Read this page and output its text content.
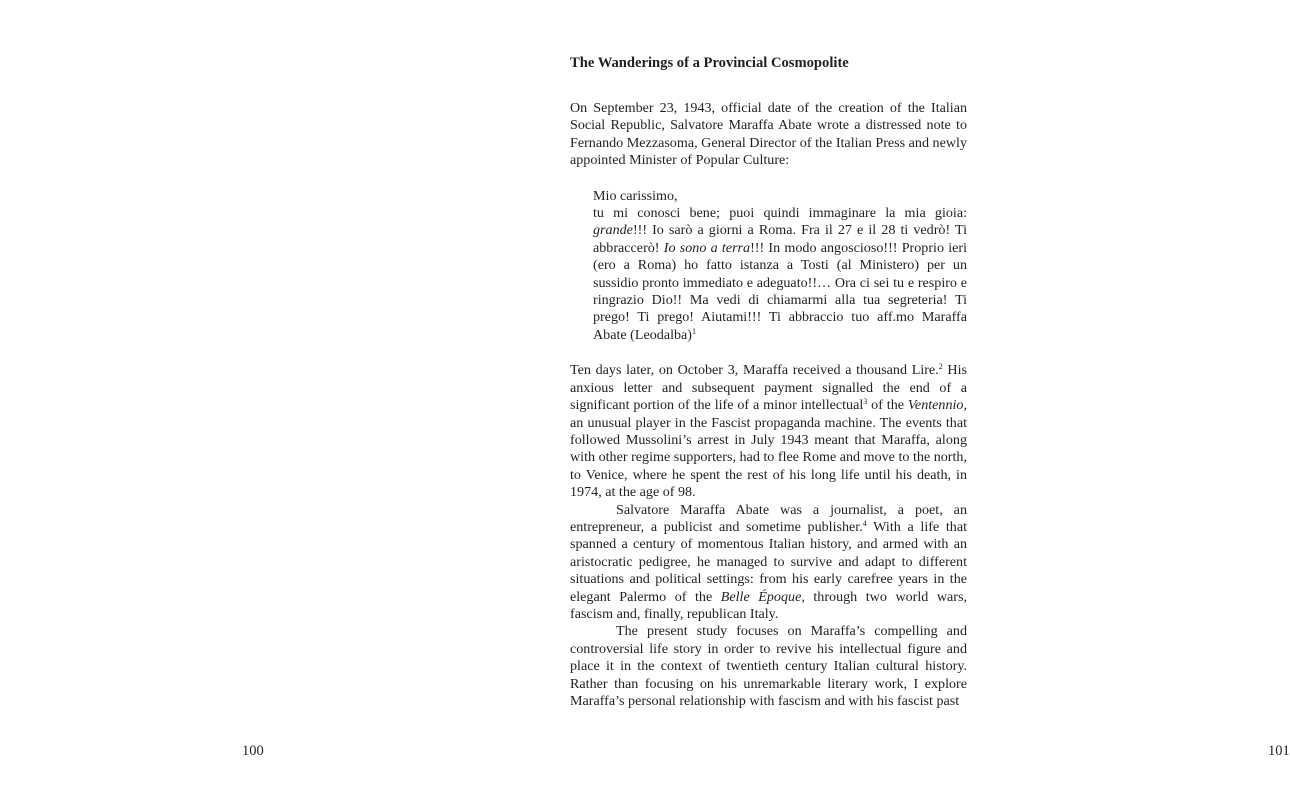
100
The Wanderings of a Provincial Cosmopolite

On September 23, 1943, official date of the creation of the Italian Social Republic, Salvatore Maraffa Abate wrote a distressed note to Fernando Mezzasoma, General Director of the Italian Press and newly appointed Minister of Popular Culture:

Mio carissimo,

tu mi conosci bene; puoi quindi immaginare la mia gioia: grande!!! Io sarò a giorni a Roma. Fra il 27 e il 28 ti vedrò! Ti abbraccerò! Io sono a terra!!! In modo angoscioso!!! Proprio ieri (ero a Roma) ho fatto istanza a Tosti (al Ministero) per un sussidio pronto immediato e adeguato!!… Ora ci sei tu e respiro e ringrazio Dio!! Ma vedi di chiamarmi alla tua segreteria! Ti prego! Ti prego! Aiutami!!! Ti abbraccio tuo aff.mo Maraffa Abate (Leodalba)$^1$

Ten days later, on October 3, Maraffa received a thousand Lire.$^2$ His anxious letter and subsequent payment signalled the end of a significant portion of the life of a minor intellectual$^3$ of the Ventennio, an unusual player in the Fascist propaganda machine. The events that followed Mussolini’s arrest in July 1943 meant that Maraffa, along with other regime supporters, had to flee Rome and move to the north, to Venice, where he spent the rest of his long life until his death, in 1974, at the age of 98.

Salvatore Maraffa Abate was a journalist, a poet, an entrepreneur, a publicist and sometime publisher.$^4$ With a life that spanned a century of momentous Italian history, and armed with an aristocratic pedigree, he managed to survive and adapt to different situations and political settings: from his early carefree years in the elegant Palermo of the Belle Époque, through two world wars, fascism and, finally, republican Italy.

The present study focuses on Maraffa’s compelling and controversial life story in order to revive his intellectual figure and place it in the context of twentieth century Italian cultural history. Rather than focusing on his unremarkable literary work, I explore Maraffa’s personal relationship with fascism and with his fascist past

101
